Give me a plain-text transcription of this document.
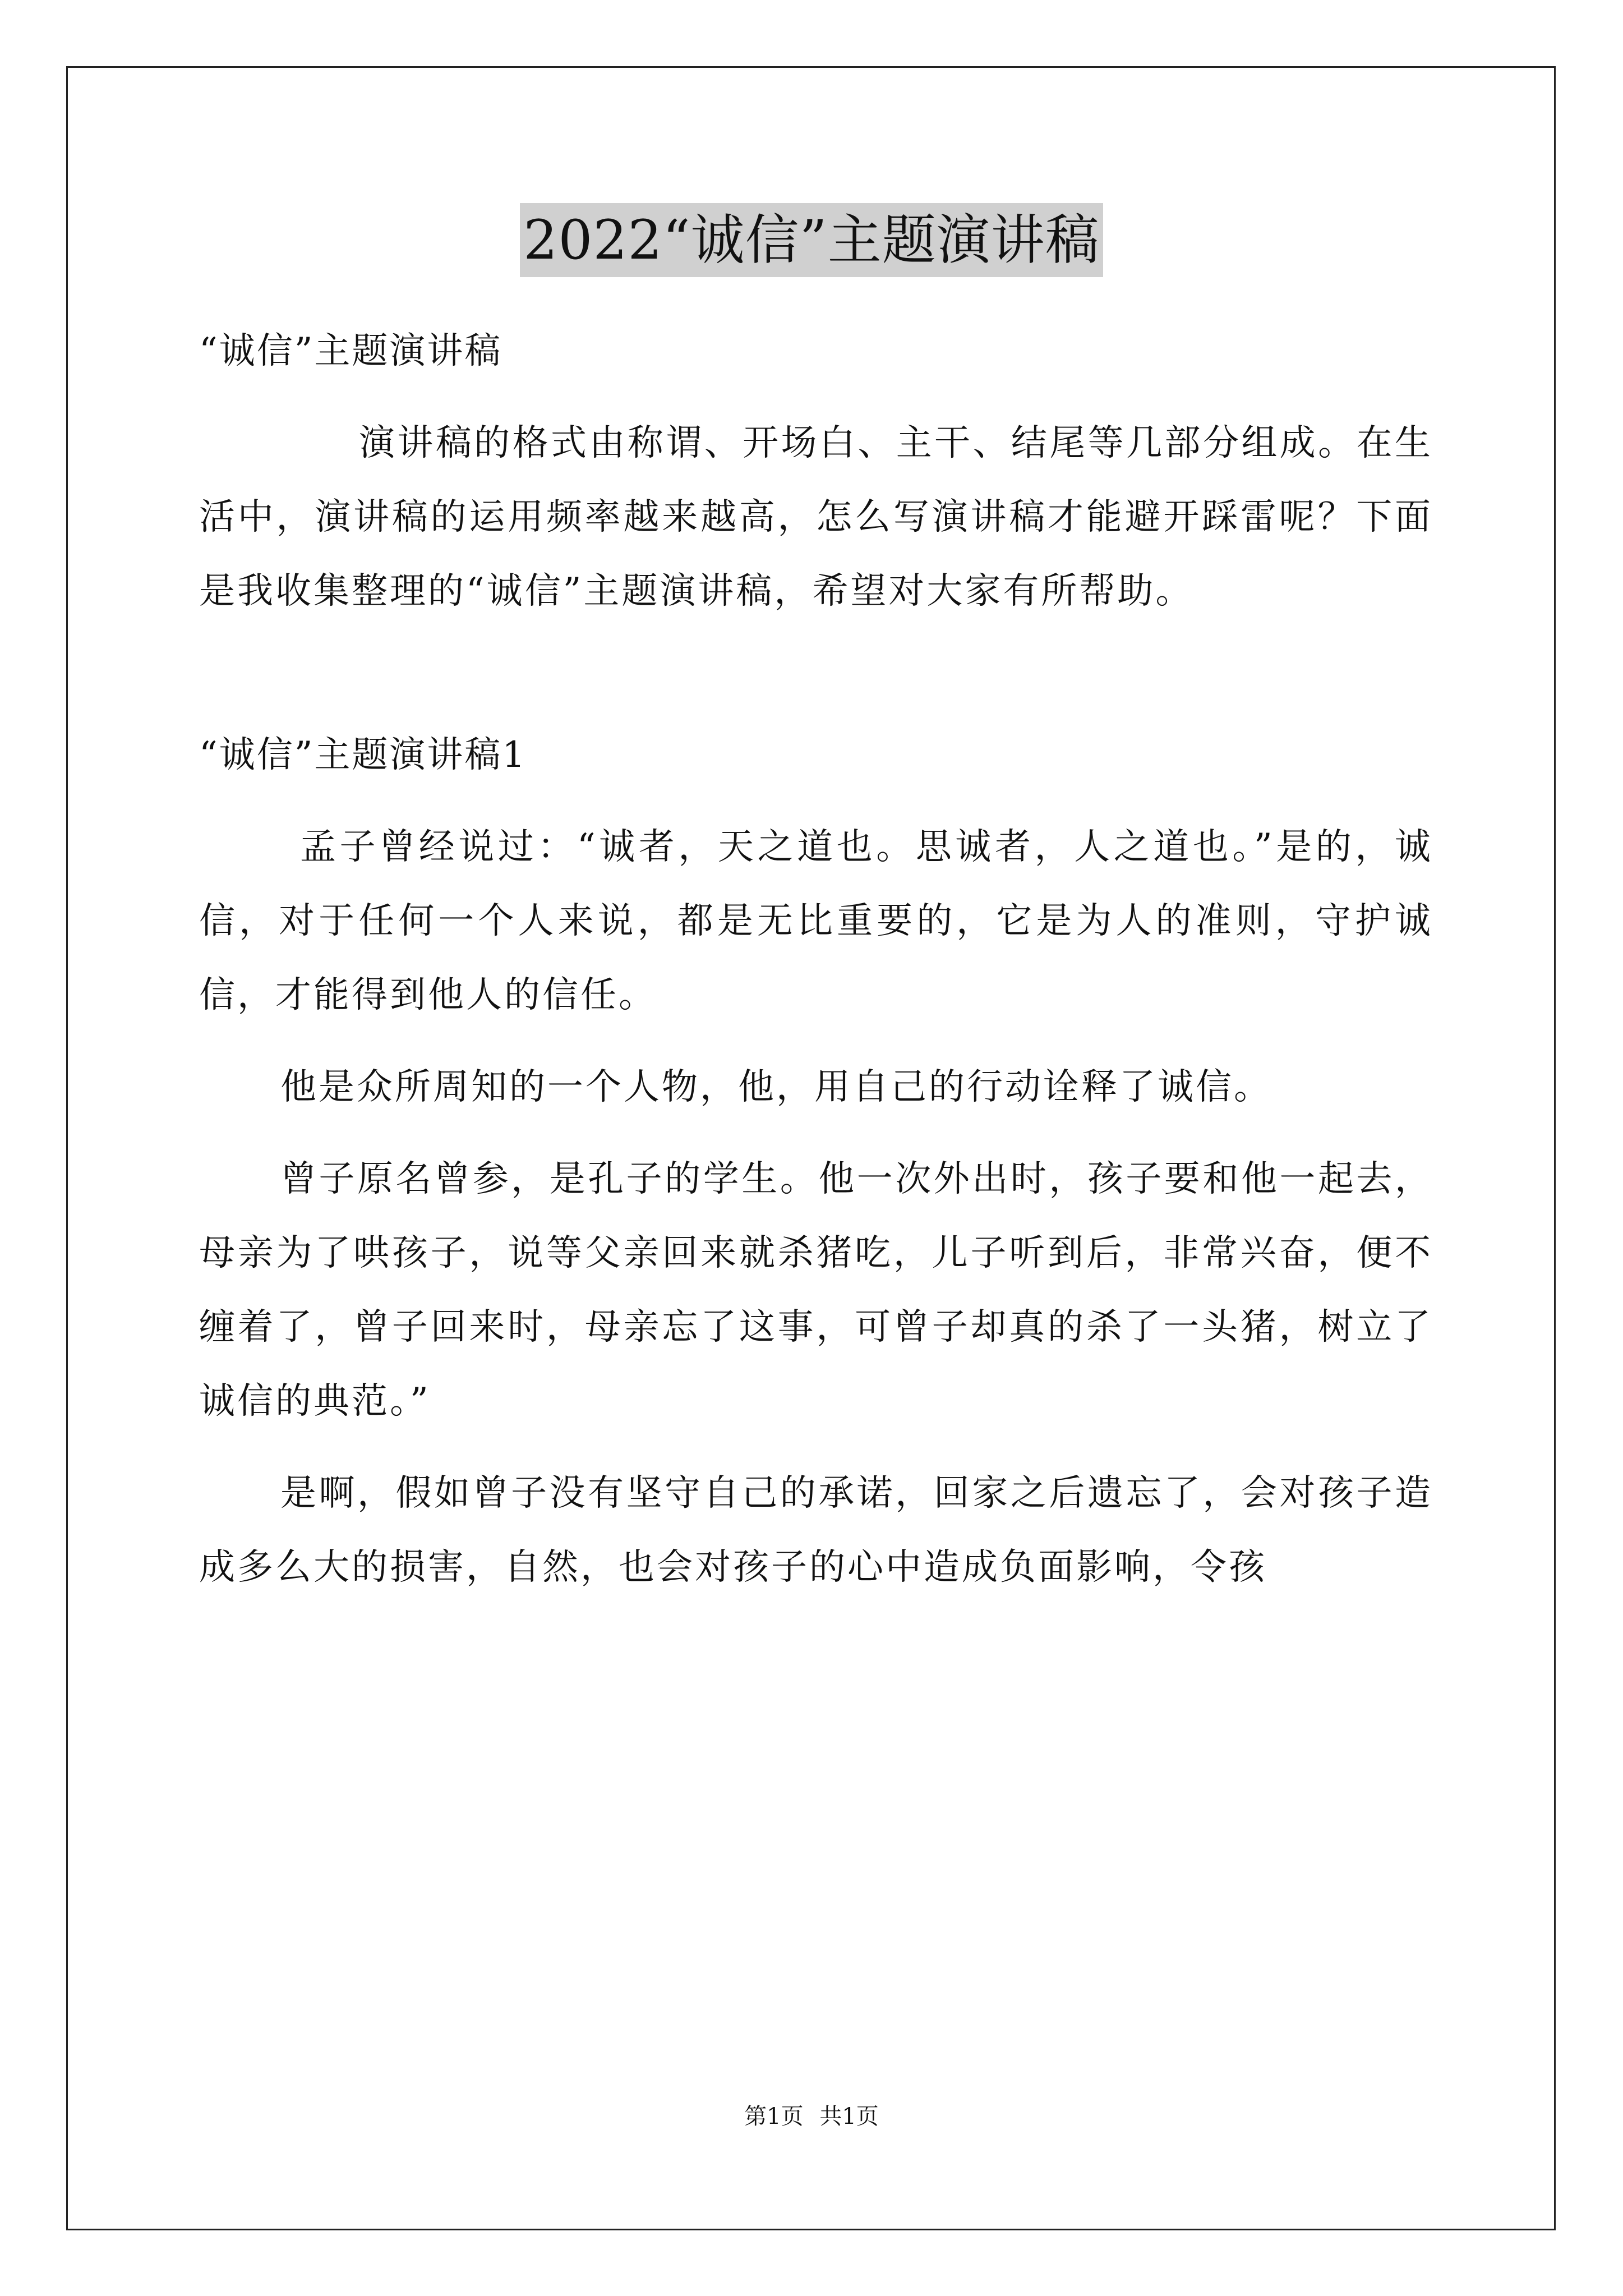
2022“诚信”主题演讲稿

“诚信”主题演讲稿

演讲稿的格式由称谓、开场白、主干、结尾等几部分组成。在生活中，演讲稿的运用频率越来越高，怎么写演讲稿才能避开踩雷呢？下面是我收集整理的“诚信”主题演讲稿，希望对大家有所帮助。

“诚信”主题演讲稿1

孟子曾经说过：“诚者，天之道也。思诚者，人之道也。”是的，诚信，对于任何一个人来说，都是无比重要的，它是为人的准则，守护诚信，才能得到他人的信任。

他是众所周知的一个人物，他，用自己的行动诠释了诚信。

曾子原名曾参，是孔子的学生。他一次外出时，孩子要和他一起去，母亲为了哄孩子，说等父亲回来就杀猪吃，儿子听到后，非常兴奋，便不缠着了，曾子回来时，母亲忘了这事，可曾子却真的杀了一头猪，树立了诚信的典范。”

是啊，假如曾子没有坚守自己的承诺，回家之后遗忘了，会对孩子造成多么大的损害，自然，也会对孩子的心中造成负面影响，令孩

第1页 共1页
